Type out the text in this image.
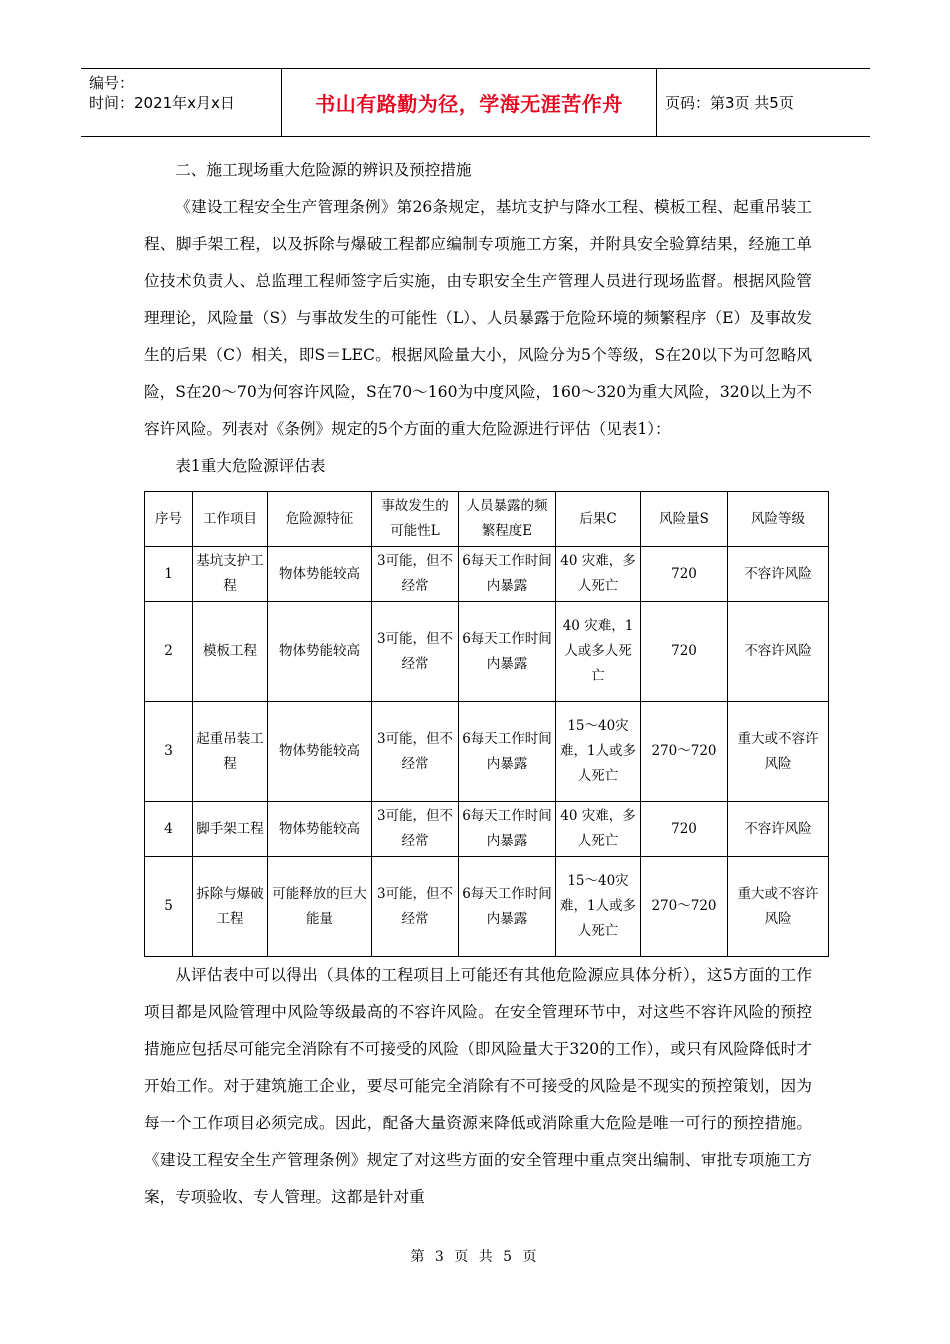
编号：
时间：2021年x月x日	书山有路勤为径，学海无涯苦作舟	页码：第3页 共5页

二、施工现场重大危险源的辨识及预控措施

《建设工程安全生产管理条例》第26条规定，基坑支护与降水工程、模板工程、起重吊装工程、脚手架工程，以及拆除与爆破工程都应编制专项施工方案，并附具安全验算结果，经施工单位技术负责人、总监理工程师签字后实施，由专职安全生产管理人员进行现场监督。根据风险管理理论，风险量（S）与事故发生的可能性（L）、人员暴露于危险环境的频繁程序（E）及事故发生的后果（C）相关，即S＝LEC。根据风险量大小，风险分为5个等级，S在20以下为可忽略风险，S在20～70为何容许风险，S在70～160为中度风险，160～320为重大风险，320以上为不容许风险。列表对《条例》规定的5个方面的重大危险源进行评估（见表1）：

表1重大危险源评估表

序号	工作项目	危险源特征	事故发生的可能性L	人员暴露的频繁程度E	后果C	风险量S	风险等级
1	基坑支护工程	物体势能较高	3可能，但不经常	6每天工作时间内暴露	40 灾难，多人死亡	720	不容许风险
2	模板工程	物体势能较高	3可能，但不经常	6每天工作时间内暴露	40 灾难，1人或多人死亡	720	不容许风险
3	起重吊装工程	物体势能较高	3可能，但不经常	6每天工作时间内暴露	15～40灾难，1人或多人死亡	270～720	重大或不容许风险
4	脚手架工程	物体势能较高	3可能，但不经常	6每天工作时间内暴露	40 灾难，多人死亡	720	不容许风险
5	拆除与爆破工程	可能释放的巨大能量	3可能，但不经常	6每天工作时间内暴露	15～40灾难，1人或多人死亡	270～720	重大或不容许风险

从评估表中可以得出（具体的工程项目上可能还有其他危险源应具体分析），这5方面的工作项目都是风险管理中风险等级最高的不容许风险。在安全管理环节中，对这些不容许风险的预控措施应包括尽可能完全消除有不可接受的风险（即风险量大于320的工作），或只有风险降低时才开始工作。对于建筑施工企业，要尽可能完全消除有不可接受的风险是不现实的预控策划，因为每一个工作项目必须完成。因此，配备大量资源来降低或消除重大危险是唯一可行的预控措施。《建设工程安全生产管理条例》规定了对这些方面的安全管理中重点突出编制、审批专项施工方案，专项验收、专人管理。这都是针对重

第 3 页 共 5 页
